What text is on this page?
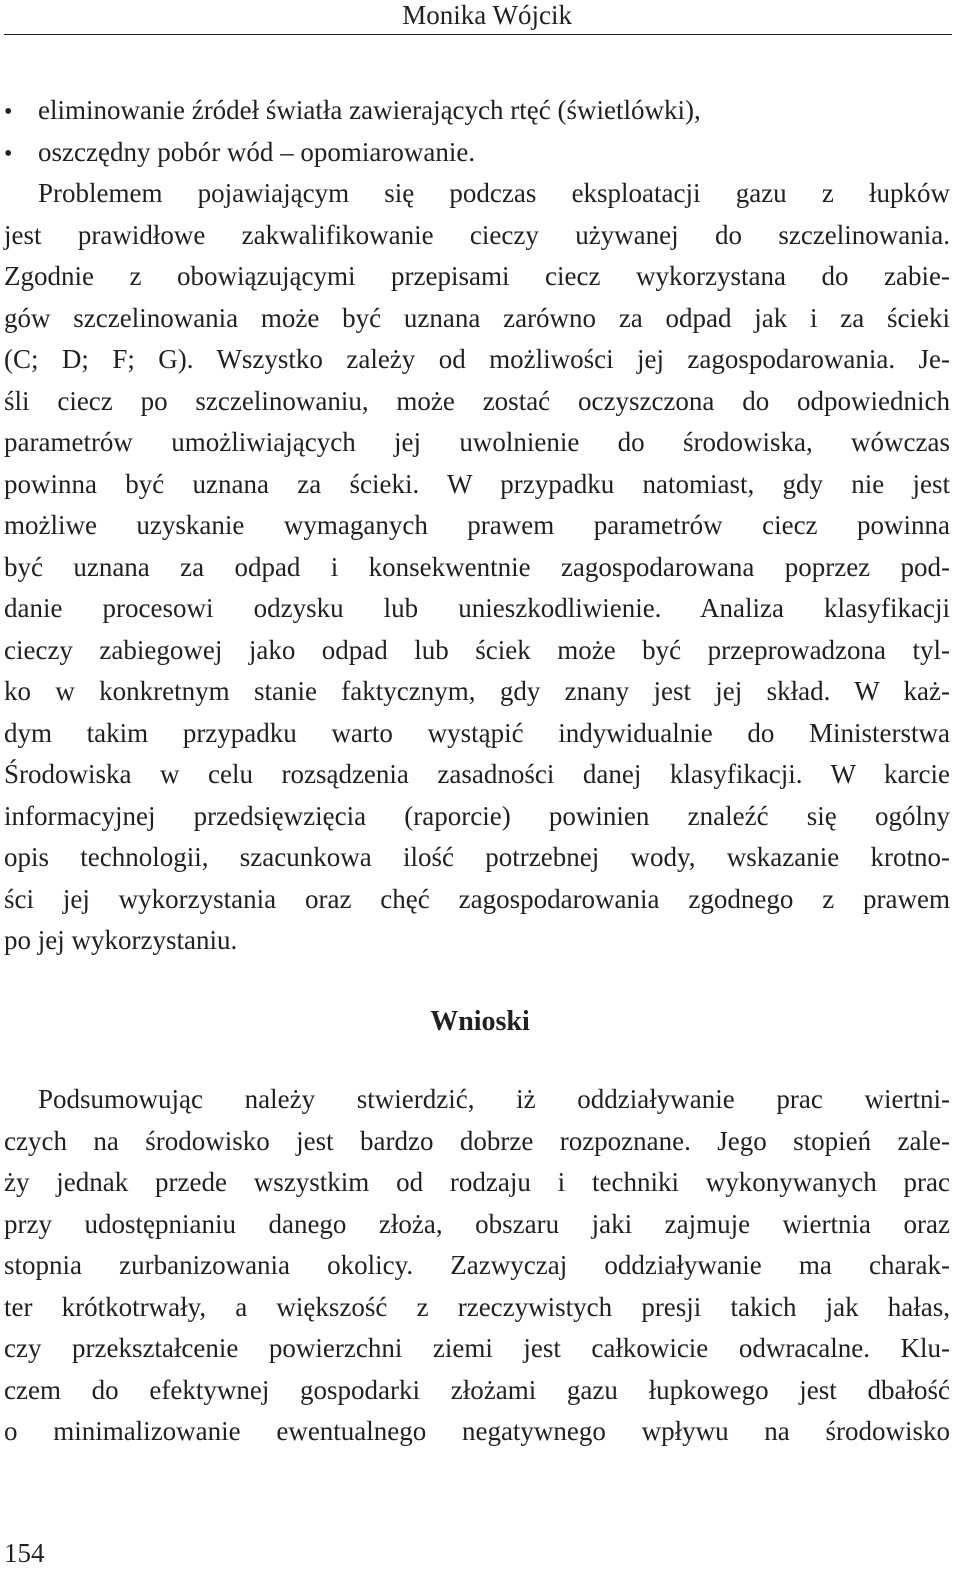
Monika Wójcik
• eliminowanie źródeł światła zawierających rtęć (świetlówki),
• oszczędny pobór wód – opomiarowanie.
Problemem pojawiającym się podczas eksploatacji gazu z łupków
jest prawidłowe zakwalifikowanie cieczy używanej do szczelinowania.
Zgodnie z obowiązującymi przepisami ciecz wykorzystana do zabie-
gów szczelinowania może być uznana zarówno za odpad jak i za ścieki
(C; D; F; G). Wszystko zależy od możliwości jej zagospodarowania. Je-
śli ciecz po szczelinowaniu, może zostać oczyszczona do odpowiednich
parametrów umożliwiających jej uwolnienie do środowiska, wówczas
powinna być uznana za ścieki. W przypadku natomiast, gdy nie jest
możliwe uzyskanie wymaganych prawem parametrów ciecz powinna
być uznana za odpad i konsekwentnie zagospodarowana poprzez pod-
danie procesowi odzysku lub unieszkodliwienie. Analiza klasyfikacji
cieczy zabiegowej jako odpad lub ściek może być przeprowadzona tyl-
ko w konkretnym stanie faktycznym, gdy znany jest jej skład. W każ-
dym takim przypadku warto wystąpić indywidualnie do Ministerstwa
Środowiska w celu rozsądzenia zasadności danej klasyfikacji. W karcie
informacyjnej przedsięwzięcia (raporcie) powinien znaleźć się ogólny
opis technologii, szacunkowa ilość potrzebnej wody, wskazanie krotno-
ści jej wykorzystania oraz chęć zagospodarowania zgodnego z prawem
po jej wykorzystaniu.
Wnioski
Podsumowując należy stwierdzić, iż oddziaływanie prac wiertni-
czych na środowisko jest bardzo dobrze rozpoznane. Jego stopień zale-
ży jednak przede wszystkim od rodzaju i techniki wykonywanych prac
przy udostępnianiu danego złoża, obszaru jaki zajmuje wiertnia oraz
stopnia zurbanizowania okolicy. Zazwyczaj oddziaływanie ma charak-
ter krótkotrwały, a większość z rzeczywistych presji takich jak hałas,
czy przekształcenie powierzchni ziemi jest całkowicie odwracalne. Klu-
czem do efektywnej gospodarki złożami gazu łupkowego jest dbałość
o minimalizowanie ewentualnego negatywnego wpływu na środowisko
154
